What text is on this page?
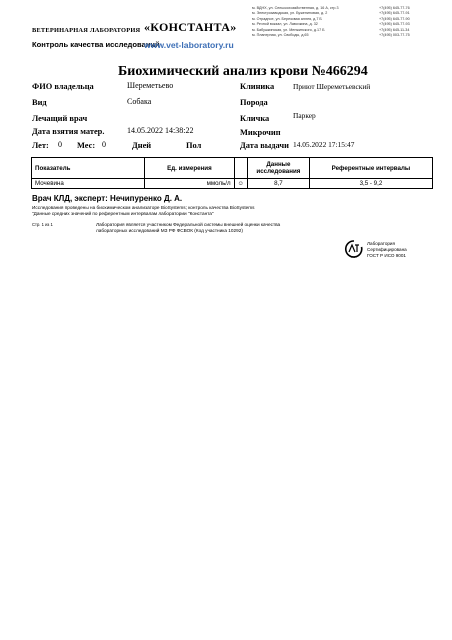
ВЕТЕРИНАРНАЯ ЛАБОРАТОРИЯ «КОНСТАНТА»
Контроль качества исследований
www.vet-laboratory.ru
м. ВДНХ, ул. Сельскохозяйственная, д. 16 А, стр.3	+7(495) 645-77-76
м. Электрозаводская, ул. Бужениновая, д. 2	+7(495) 645-77-91
м. Отрадное, ул. Березовая аллея, д.7 Б	+7(495) 645-77-90
м. Речной вокзал, ул. Лавочкина, д. 32	+7(495) 645-77-93
м. Бабушкинская, ул. Менжинского, д.17 Б	+7(495) 645-11-34
м. Планерная, ул. Свободы, д.65	+7(495) 003-77-75
Биохимический анализ крови №466294
ФИО владельца	Шереметьево	Клиника	Приют Шереметьевский
Вид	Собака	Порода
Лечащий врач	Кличка	Паркер
Дата взятия матер.	14.05.2022 14:38:22	Микрочип
Лет: 0 Мес: 0	Дней	Пол	Дата выдачи 14.05.2022 17:15:47
Показатель	Ед. измерения		Данные исследования	Референтные интервалы
Мочевина	ммоль/л	☺	8,7	3,5 - 9,2
Врач КЛД, эксперт: Нечипуренко Д. А.
Исследования проведены на биохимическом анализаторе BioSystems; контроль качества BioSystems
"Данные средних значений по референтным интервалам лаборатории "Константа"
Стр. 1 из 1	Лаборатория является участником Федеральной системы внешней оценки качества
лабораторных исследований МЗ РФ ФСВОК (Код участника 10292)
РСТ
Лаборатория
Сертифицирована
ГОСТ Р ИСО 9001
